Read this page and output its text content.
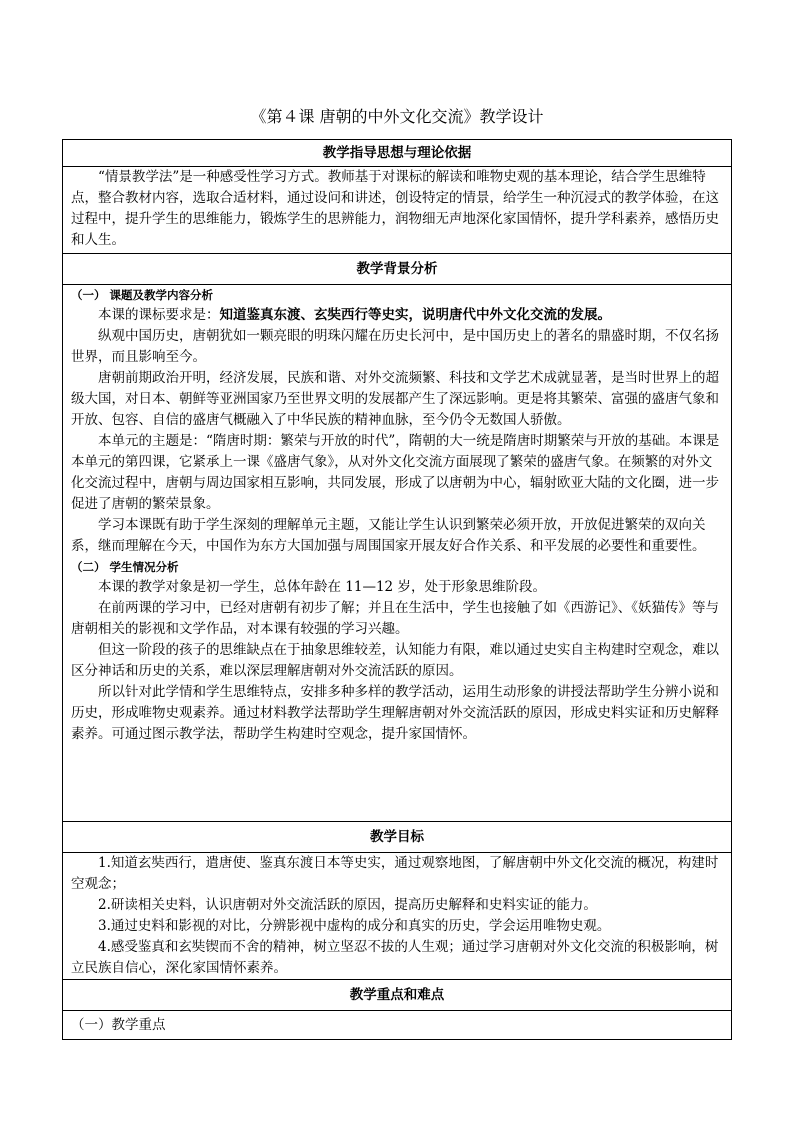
《第４课 唐朝的中外文化交流》教学设计
教学指导思想与理论依据

“情景教学法”是一种感受性学习方式。教师基于对课标的解读和唯物史观的基本理论，结合学生思维特点，整合教材内容，选取合适材料，通过设问和讲述，创设特定的情景，给学生一种沉浸式的教学体验，在这过程中，提升学生的思维能力，锻炼学生的思辨能力，润物细无声地深化家国情怀，提升学科素养，感悟历史和人生。

教学背景分析

（一） 课题及教学内容分析

本课的课标要求是：知道鉴真东渡、玄奘西行等史实，说明唐代中外文化交流的发展。

纵观中国历史，唐朝犹如一颗亮眼的明珠闪耀在历史长河中，是中国历史上的著名的鼎盛时期，不仅名扬世界，而且影响至今。

唐朝前期政治开明，经济发展，民族和谐、对外交流频繁、科技和文学艺术成就显著，是当时世界上的超级大国，对日本、朝鲜等亚洲国家乃至世界文明的发展都产生了深远影响。更是将其繁荣、富强的盛唐气象和开放、包容、自信的盛唐气概融入了中华民族的精神血脉，至今仍令无数国人骄傲。

本单元的主题是：“隋唐时期：繁荣与开放的时代”，隋朝的大一统是隋唐时期繁荣与开放的基础。本课是本单元的第四课，它紧承上一课《盛唐气象》，从对外文化交流方面展现了繁荣的盛唐气象。在频繁的对外文化交流过程中，唐朝与周边国家相互影响，共同发展，形成了以唐朝为中心，辐射欧亚大陆的文化圈，进一步促进了唐朝的繁荣景象。

学习本课既有助于学生深刻的理解单元主题，又能让学生认识到繁荣必须开放，开放促进繁荣的双向关系，继而理解在今天，中国作为东方大国加强与周围国家开展友好合作关系、和平发展的必要性和重要性。

（二） 学生情况分析

本课的教学对象是初一学生，总体年龄在 11—12 岁，处于形象思维阶段。

在前两课的学习中，已经对唐朝有初步了解；并且在生活中，学生也接触了如《西游记》、《妖猫传》等与唐朝相关的影视和文学作品，对本课有较强的学习兴趣。

但这一阶段的孩子的思维缺点在于抽象思维较差，认知能力有限，难以通过史实自主构建时空观念，难以区分神话和历史的关系，难以深层理解唐朝对外交流活跃的原因。

所以针对此学情和学生思维特点，安排多种多样的教学活动，运用生动形象的讲授法帮助学生分辨小说和历史，形成唯物史观素养。通过材料教学法帮助学生理解唐朝对外交流活跃的原因，形成史料实证和历史解释素养。可通过图示教学法，帮助学生构建时空观念，提升家国情怀。

教学目标

1.知道玄奘西行，遣唐使、鉴真东渡日本等史实，通过观察地图，了解唐朝中外文化交流的概况，构建时空观念；

2.研读相关史料，认识唐朝对外交流活跃的原因，提高历史解释和史料实证的能力。

3.通过史料和影视的对比，分辨影视中虚构的成分和真实的历史，学会运用唯物史观。

4.感受鉴真和玄奘锲而不舍的精神，树立坚忍不拔的人生观；通过学习唐朝对外文化交流的积极影响，树立民族自信心，深化家国情怀素养。

教学重点和难点

（一）教学重点
